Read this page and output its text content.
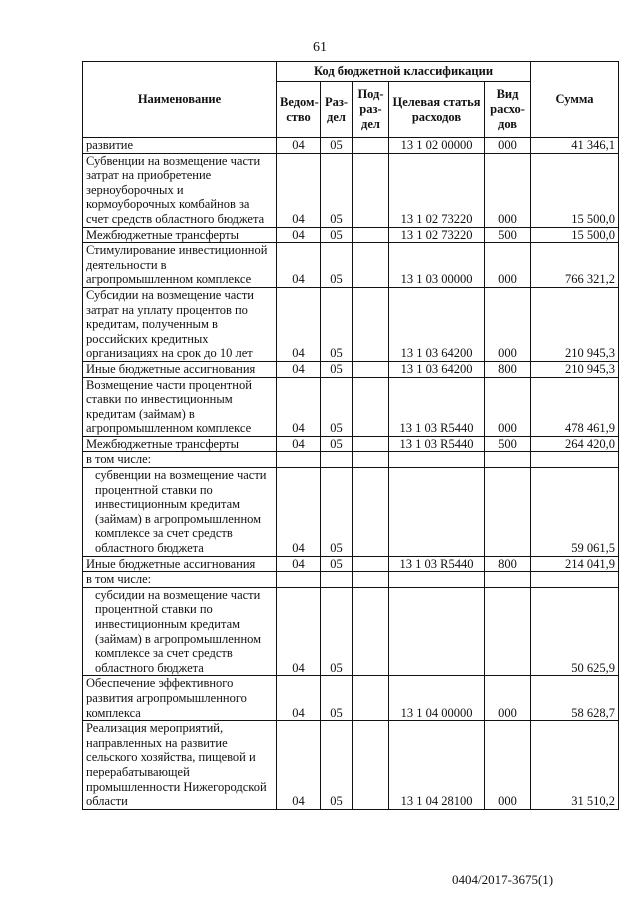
61
Наименование	Код бюджетной классификации					Сумма
	Ведом-ство	Раз-дел	Под-раз-дел	Целевая статья расходов	Вид расхо-дов	
развитие	04	05		13 1 02 00000	000	41 346,1
Субвенции на возмещение части затрат на приобретение зерноуборочных и кормоуборочных комбайнов за счет средств областного бюджета	04	05		13 1 02 73220	000	15 500,0
Межбюджетные трансферты	04	05		13 1 02 73220	500	15 500,0
Стимулирование инвестиционной деятельности в агропромышленном комплексе	04	05		13 1 03 00000	000	766 321,2
Субсидии на возмещение части затрат на уплату процентов по кредитам, полученным в российских кредитных организациях на срок до 10 лет	04	05		13 1 03 64200	000	210 945,3
Иные бюджетные ассигнования	04	05		13 1 03 64200	800	210 945,3
Возмещение части процентной ставки по инвестиционным кредитам (займам) в агропромышленном комплексе	04	05		13 1 03 R5440	000	478 461,9
Межбюджетные трансферты	04	05		13 1 03 R5440	500	264 420,0
в том числе:						
субвенции на возмещение части процентной ставки по инвестиционным кредитам (займам) в агропромышленном комплексе за счет средств областного бюджета	04	05				59 061,5
Иные бюджетные ассигнования	04	05		13 1 03 R5440	800	214 041,9
в том числе:						
субсидии на возмещение части процентной ставки по инвестиционным кредитам (займам) в агропромышленном комплексе за счет средств областного бюджета	04	05				50 625,9
Обеспечение эффективного развития агропромышленного комплекса	04	05		13 1 04 00000	000	58 628,7
Реализация мероприятий, направленных на развитие сельского хозяйства, пищевой и перерабатывающей промышленности Нижегородской области	04	05		13 1 04 28100	000	31 510,2
0404/2017-3675(1)
